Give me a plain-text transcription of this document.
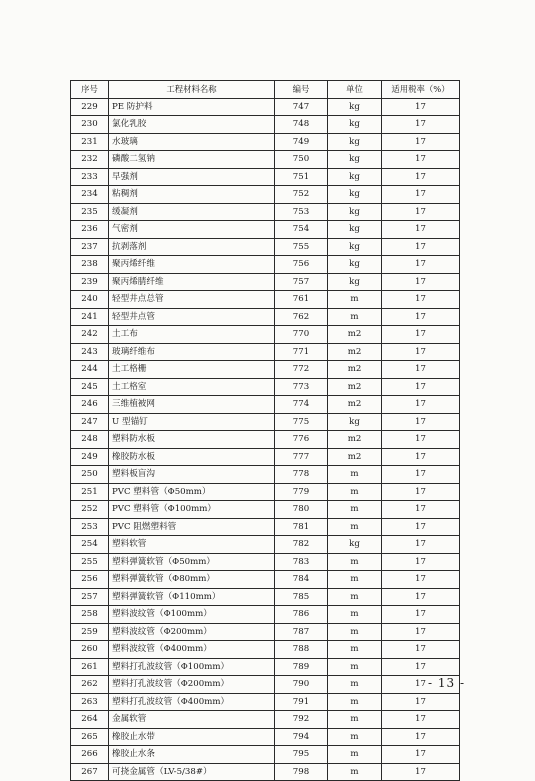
序号	工程材料名称	编号	单位	适用税率（%）
229	PE 防护料	747	kg	17
230	氯化乳胶	748	kg	17
231	水玻璃	749	kg	17
232	磷酸二氢钠	750	kg	17
233	早强剂	751	kg	17
234	粘稠剂	752	kg	17
235	缓凝剂	753	kg	17
236	气密剂	754	kg	17
237	抗剥落剂	755	kg	17
238	聚丙烯纤维	756	kg	17
239	聚丙烯腈纤维	757	kg	17
240	轻型井点总管	761	m	17
241	轻型井点管	762	m	17
242	土工布	770	m2	17
243	玻璃纤维布	771	m2	17
244	土工格栅	772	m2	17
245	土工格室	773	m2	17
246	三维植被网	774	m2	17
247	U 型锚钉	775	kg	17
248	塑料防水板	776	m2	17
249	橡胶防水板	777	m2	17
250	塑料板盲沟	778	m	17
251	PVC 塑料管（Φ50mm）	779	m	17
252	PVC 塑料管（Φ100mm）	780	m	17
253	PVC 阻燃塑料管	781	m	17
254	塑料软管	782	kg	17
255	塑料弹簧软管（Φ50mm）	783	m	17
256	塑料弹簧软管（Φ80mm）	784	m	17
257	塑料弹簧软管（Φ110mm）	785	m	17
258	塑料波纹管（Φ100mm）	786	m	17
259	塑料波纹管（Φ200mm）	787	m	17
260	塑料波纹管（Φ400mm）	788	m	17
261	塑料打孔波纹管（Φ100mm）	789	m	17
262	塑料打孔波纹管（Φ200mm）	790	m	17
263	塑料打孔波纹管（Φ400mm）	791	m	17
264	金属软管	792	m	17
265	橡胶止水带	794	m	17
266	橡胶止水条	795	m	17
267	可挠金属管（LV-5/38#）	798	m	17
- 13 -
